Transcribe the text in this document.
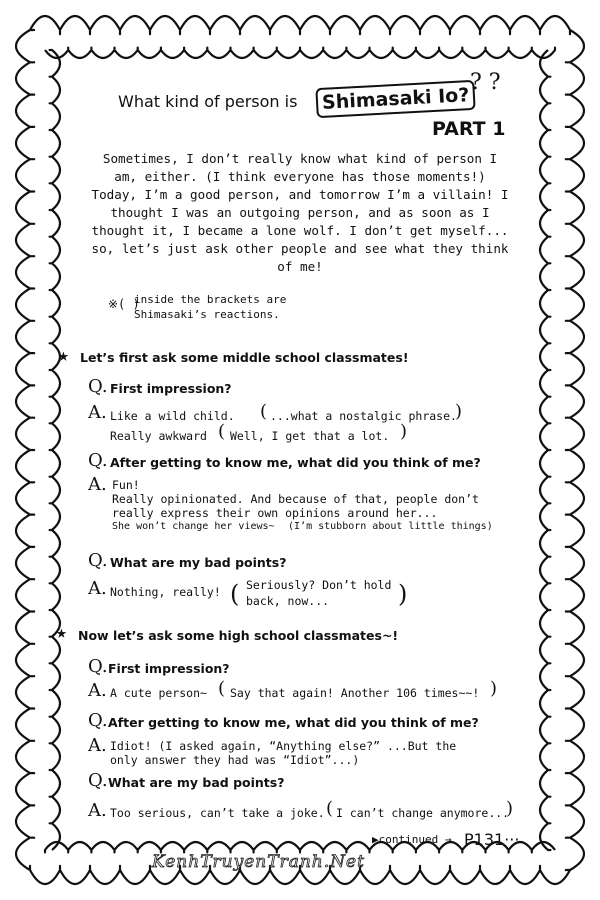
What kind of person is	Shimasaki Io?
? ?
PART 1
Sometimes, I don’t really know what kind of person I am, either. (I think everyone has those moments!) Today, I’m a good person, and tomorrow I’m a villain! I thought I was an outgoing person, and as soon as I thought it, I became a lone wolf. I don’t get myself... so, let’s just ask other people and see what they think of me!
※( )
inside the brackets are Shimasaki’s reactions.
★ Let’s first ask some middle school classmates!
Q. First impression?
A. Like a wild child. ( ...what a nostalgic phrase.
)
Really awkward ( Well, I get that a lot. )
Q. After getting to know me, what did you think of me?
A. Fun!
Really opinionated. And because of that, people don’t
really express their own opinions around her...
She won’t change her views~ (I’m stubborn about little things)
Q. What are my bad points?
A. Nothing, really! ( Seriously? Don’t hold
back, now...	)
★ Now let’s ask some high school classmates~!
Q. First impression?
A. A cute person~ ( Say that again! Another 106 times~~! )
Q. After getting to know me, what did you think of me?
A. Idiot! (I asked again, “Anything else?” ...But the
only answer they had was “Idiot”...)
Q. What are my bad points?
A. Too serious, can’t take a joke. ( I can’t change anymore...
)
▶continued → P131···
KenhTruyenTranh.Net
